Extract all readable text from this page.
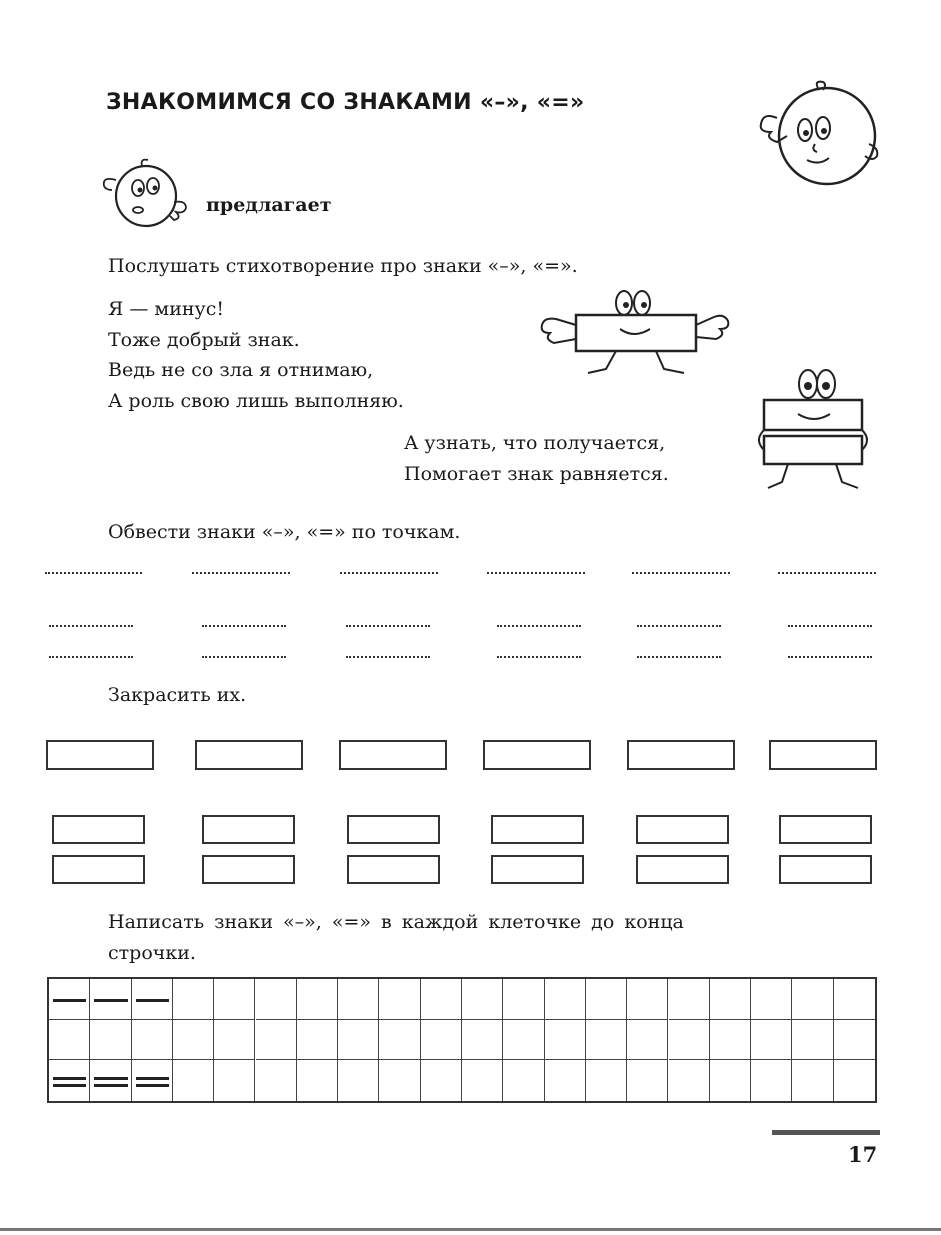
ЗНАКОМИМСЯ СО ЗНАКАМИ «–», «=»
предлагает
Послушать стихотворение про знаки «–», «=».
Я — минус!
Тоже добрый знак.
Ведь не со зла я отнимаю,
А роль свою лишь выполняю.
А узнать, что получается,
Помогает знак равняется.
Обвести знаки «–», «=» по точкам.
Закрасить их.
Написать знаки «–», «=» в каждой клеточке до конца
строчки.
17
